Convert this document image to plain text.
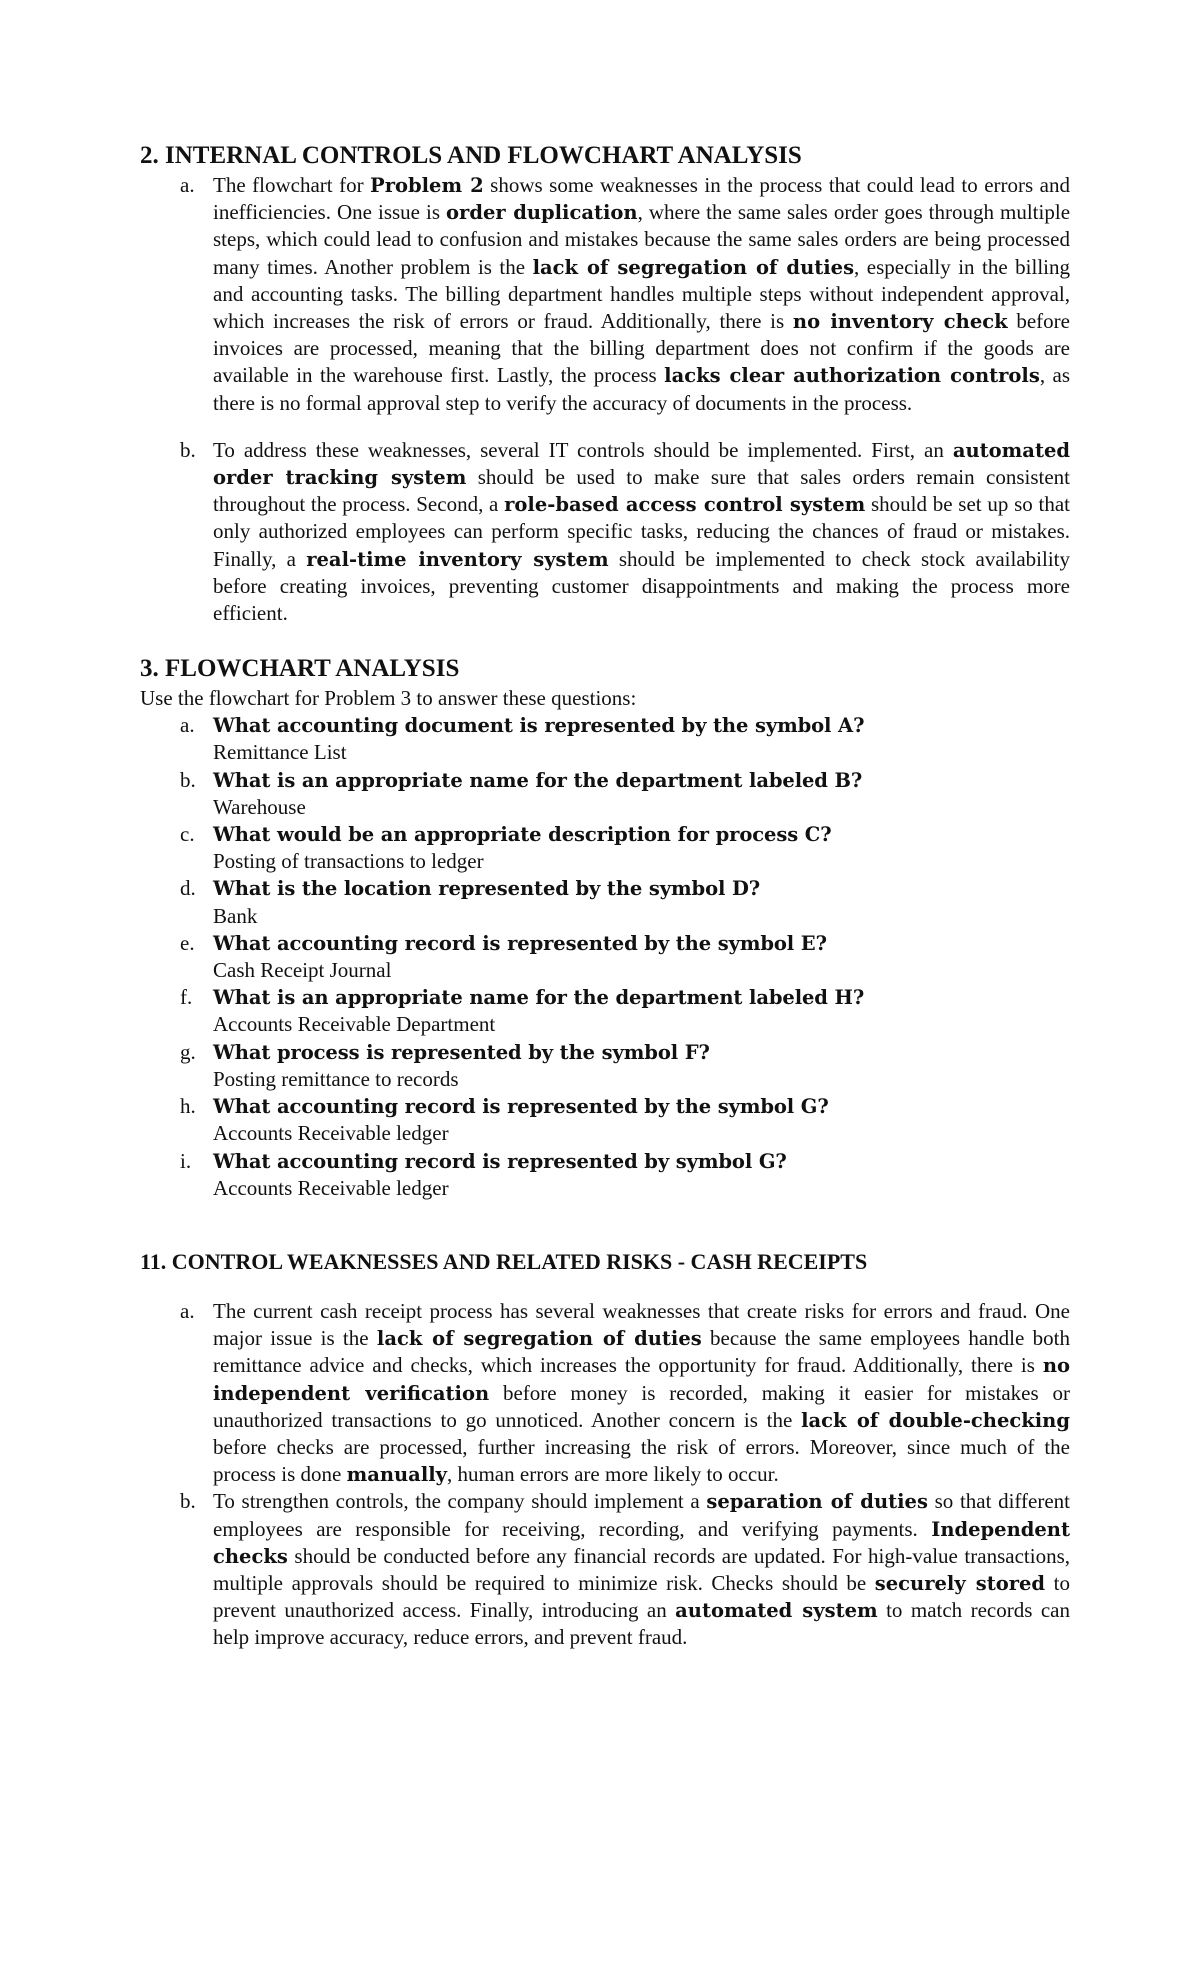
2. INTERNAL CONTROLS AND FLOWCHART ANALYSIS
a. The flowchart for Problem 2 shows some weaknesses in the process that could lead to errors and inefficiencies. One issue is order duplication, where the same sales order goes through multiple steps, which could lead to confusion and mistakes because the same sales orders are being processed many times. Another problem is the lack of segregation of duties, especially in the billing and accounting tasks. The billing department handles multiple steps without independent approval, which increases the risk of errors or fraud. Additionally, there is no inventory check before invoices are processed, meaning that the billing department does not confirm if the goods are available in the warehouse first. Lastly, the process lacks clear authorization controls, as there is no formal approval step to verify the accuracy of documents in the process.
b. To address these weaknesses, several IT controls should be implemented. First, an automated order tracking system should be used to make sure that sales orders remain consistent throughout the process. Second, a role-based access control system should be set up so that only authorized employees can perform specific tasks, reducing the chances of fraud or mistakes. Finally, a real-time inventory system should be implemented to check stock availability before creating invoices, preventing customer disappointments and making the process more efficient.
3. FLOWCHART ANALYSIS
Use the flowchart for Problem 3 to answer these questions:
a. What accounting document is represented by the symbol A?
Remittance List
b. What is an appropriate name for the department labeled B?
Warehouse
c. What would be an appropriate description for process C?
Posting of transactions to ledger
d. What is the location represented by the symbol D?
Bank
e. What accounting record is represented by the symbol E?
Cash Receipt Journal
f. What is an appropriate name for the department labeled H?
Accounts Receivable Department
g. What process is represented by the symbol F?
Posting remittance to records
h. What accounting record is represented by the symbol G?
Accounts Receivable ledger
i. What accounting record is represented by symbol G?
Accounts Receivable ledger
11. CONTROL WEAKNESSES AND RELATED RISKS - CASH RECEIPTS
a. The current cash receipt process has several weaknesses that create risks for errors and fraud. One major issue is the lack of segregation of duties because the same employees handle both remittance advice and checks, which increases the opportunity for fraud. Additionally, there is no independent verification before money is recorded, making it easier for mistakes or unauthorized transactions to go unnoticed. Another concern is the lack of double-checking before checks are processed, further increasing the risk of errors. Moreover, since much of the process is done manually, human errors are more likely to occur.
b. To strengthen controls, the company should implement a separation of duties so that different employees are responsible for receiving, recording, and verifying payments. Independent checks should be conducted before any financial records are updated. For high-value transactions, multiple approvals should be required to minimize risk. Checks should be securely stored to prevent unauthorized access. Finally, introducing an automated system to match records can help improve accuracy, reduce errors, and prevent fraud.
